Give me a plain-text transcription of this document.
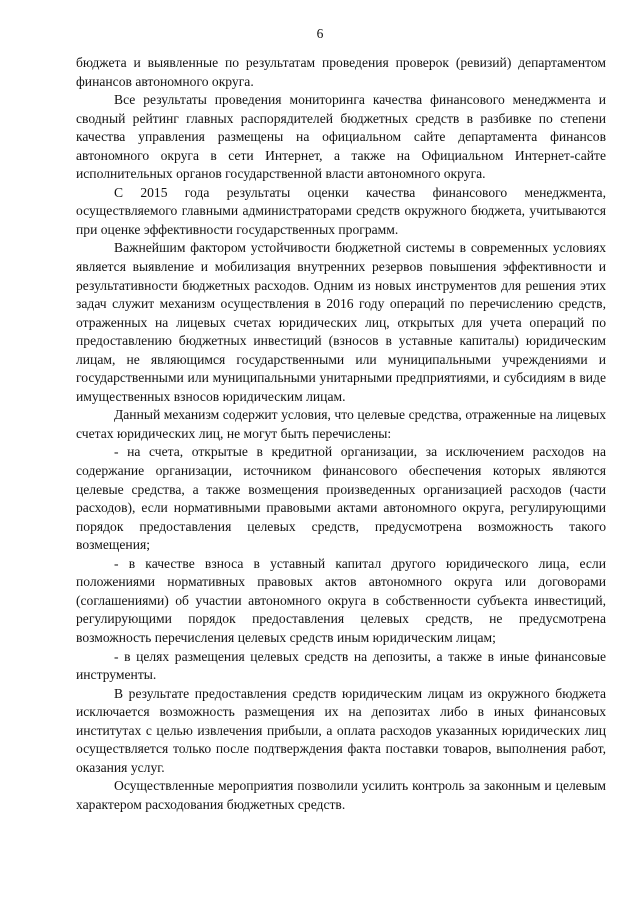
6

бюджета и выявленные по результатам проведения проверок (ревизий) департаментом финансов автономного округа.

Все результаты проведения мониторинга качества финансового менеджмента и сводный рейтинг главных распорядителей бюджетных средств в разбивке по степени качества управления размещены на официальном сайте департамента финансов автономного округа в сети Интернет, а также на Официальном Интернет-сайте исполнительных органов государственной власти автономного округа.

С 2015 года результаты оценки качества финансового менеджмента, осуществляемого главными администраторами средств окружного бюджета, учитываются при оценке эффективности государственных программ.

Важнейшим фактором устойчивости бюджетной системы в современных условиях является выявление и мобилизация внутренних резервов повышения эффективности и результативности бюджетных расходов. Одним из новых инструментов для решения этих задач служит механизм осуществления в 2016 году операций по перечислению средств, отраженных на лицевых счетах юридических лиц, открытых для учета операций по предоставлению бюджетных инвестиций (взносов в уставные капиталы) юридическим лицам, не являющимся государственными или муниципальными учреждениями и государственными или муниципальными унитарными предприятиями, и субсидиям в виде имущественных взносов юридическим лицам.

Данный механизм содержит условия, что целевые средства, отраженные на лицевых счетах юридических лиц, не могут быть перечислены:

- на счета, открытые в кредитной организации, за исключением расходов на содержание организации, источником финансового обеспечения которых являются целевые средства, а также возмещения произведенных организацией расходов (части расходов), если нормативными правовыми актами автономного округа, регулирующими порядок предоставления целевых средств, предусмотрена возможность такого возмещения;

- в качестве взноса в уставный капитал другого юридического лица, если положениями нормативных правовых актов автономного округа или договорами (соглашениями) об участии автономного округа в собственности субъекта инвестиций, регулирующими порядок предоставления целевых средств, не предусмотрена возможность перечисления целевых средств иным юридическим лицам;

- в целях размещения целевых средств на депозиты, а также в иные финансовые инструменты.

В результате предоставления средств юридическим лицам из окружного бюджета исключается возможность размещения их на депозитах либо в иных финансовых институтах с целью извлечения прибыли, а оплата расходов указанных юридических лиц осуществляется только после подтверждения факта поставки товаров, выполнения работ, оказания услуг.

Осуществленные мероприятия позволили усилить контроль за законным и целевым характером расходования бюджетных средств.
